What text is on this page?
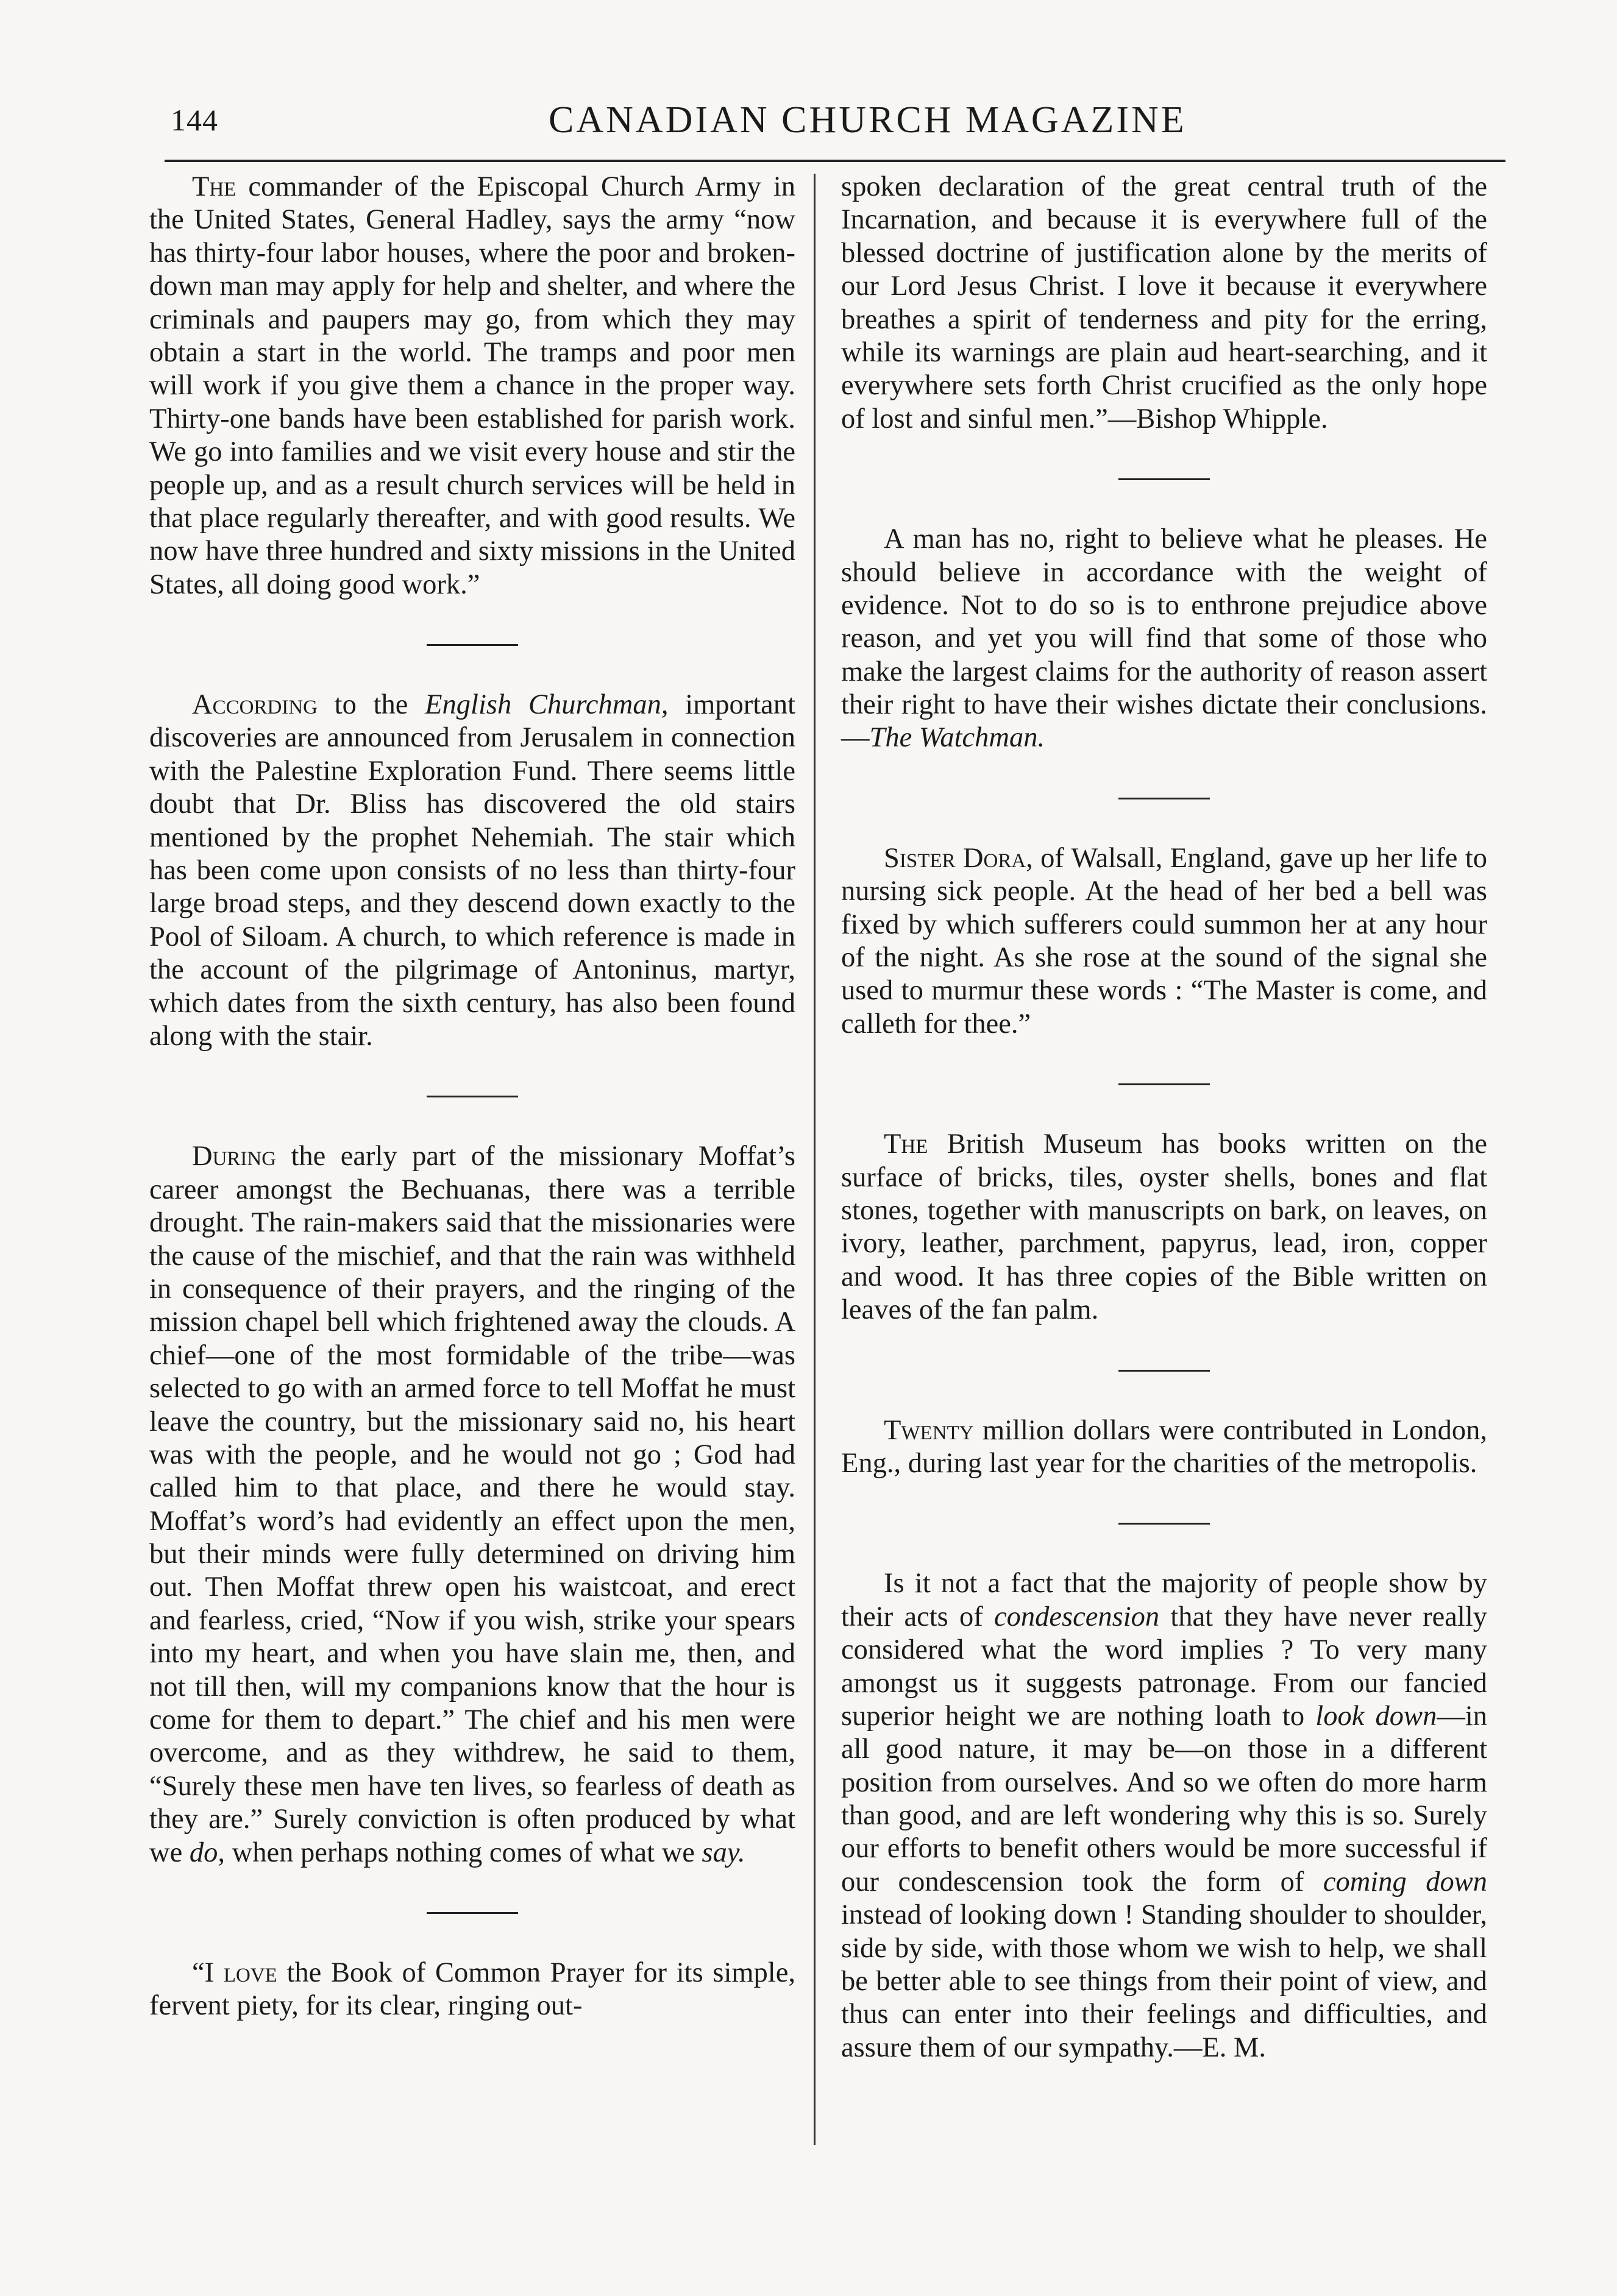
144	CANADIAN CHURCH MAGAZINE

The commander of the Episcopal Church Army in the United States, General Hadley, says the army “now has thirty-four labor houses, where the poor and broken-down man may apply for help and shelter, and where the criminals and paupers may go, from which they may obtain a start in the world. The tramps and poor men will work if you give them a chance in the proper way. Thirty-one bands have been established for parish work. We go into families and we visit every house and stir the people up, and as a result church services will be held in that place regularly thereafter, and with good results. We now have three hundred and sixty missions in the United States, all doing good work.”

According to the English Churchman, important discoveries are announced from Jerusalem in connection with the Palestine Exploration Fund. There seems little doubt that Dr. Bliss has discovered the old stairs mentioned by the prophet Nehemiah. The stair which has been come upon consists of no less than thirty-four large broad steps, and they descend down exactly to the Pool of Siloam. A church, to which reference is made in the account of the pilgrimage of Antoninus, martyr, which dates from the sixth century, has also been found along with the stair.

During the early part of the missionary Moffat’s career amongst the Bechuanas, there was a terrible drought. The rain-makers said that the missionaries were the cause of the mischief, and that the rain was withheld in consequence of their prayers, and the ringing of the mission chapel bell which frightened away the clouds. A chief—one of the most formidable of the tribe—was selected to go with an armed force to tell Moffat he must leave the country, but the missionary said no, his heart was with the people, and he would not go ; God had called him to that place, and there he would stay. Moffat’s word’s had evidently an effect upon the men, but their minds were fully determined on driving him out. Then Moffat threw open his waistcoat, and erect and fearless, cried, “Now if you wish, strike your spears into my heart, and when you have slain me, then, and not till then, will my companions know that the hour is come for them to depart.” The chief and his men were overcome, and as they withdrew, he said to them, “Surely these men have ten lives, so fearless of death as they are.” Surely conviction is often produced by what we do, when perhaps nothing comes of what we say.

“I love the Book of Common Prayer for its simple, fervent piety, for its clear, ringing out-

spoken declaration of the great central truth of the Incarnation, and because it is everywhere full of the blessed doctrine of justification alone by the merits of our Lord Jesus Christ. I love it because it everywhere breathes a spirit of tenderness and pity for the erring, while its warnings are plain aud heart-searching, and it everywhere sets forth Christ crucified as the only hope of lost and sinful men.”—Bishop Whipple.

A man has no, right to believe what he pleases. He should believe in accordance with the weight of evidence. Not to do so is to enthrone prejudice above reason, and yet you will find that some of those who make the largest claims for the authority of reason assert their right to have their wishes dictate their conclusions.—The Watchman.

Sister Dora, of Walsall, England, gave up her life to nursing sick people. At the head of her bed a bell was fixed by which sufferers could summon her at any hour of the night. As she rose at the sound of the signal she used to murmur these words : “The Master is come, and calleth for thee.”

The British Museum has books written on the surface of bricks, tiles, oyster shells, bones and flat stones, together with manuscripts on bark, on leaves, on ivory, leather, parchment, papyrus, lead, iron, copper and wood. It has three copies of the Bible written on leaves of the fan palm.

Twenty million dollars were contributed in London, Eng., during last year for the charities of the metropolis.

Is it not a fact that the majority of people show by their acts of condescension that they have never really considered what the word implies ? To very many amongst us it suggests patronage. From our fancied superior height we are nothing loath to look down—in all good nature, it may be—on those in a different position from ourselves. And so we often do more harm than good, and are left wondering why this is so. Surely our efforts to benefit others would be more successful if our condescension took the form of coming down instead of looking down ! Standing shoulder to shoulder, side by side, with those whom we wish to help, we shall be better able to see things from their point of view, and thus can enter into their feelings and difficulties, and assure them of our sympathy.—E. M.
